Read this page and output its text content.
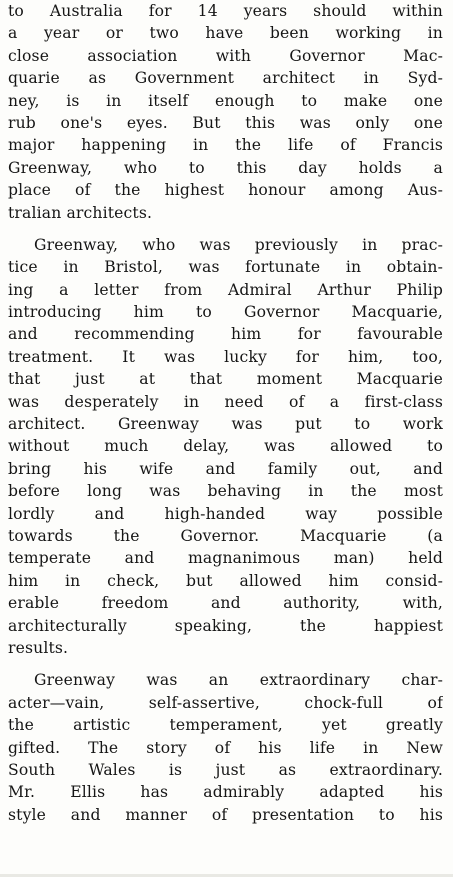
to Australia for 14 years should within
a year or two have been working in
close association with Governor Mac-
quarie as Government architect in Syd-
ney, is in itself enough to make one
rub one's eyes. But this was only one
major happening in the life of Francis
Greenway, who to this day holds a
place of the highest honour among Aus-
tralian architects.
Greenway, who was previously in prac-
tice in Bristol, was fortunate in obtain-
ing a letter from Admiral Arthur Philip
introducing him to Governor Macquarie,
and recommending him for favourable
treatment. It was lucky for him, too,
that just at that moment Macquarie
was desperately in need of a first-class
architect. Greenway was put to work
without much delay, was allowed to
bring his wife and family out, and
before long was behaving in the most
lordly and high-handed way possible
towards the Governor. Macquarie (a
temperate and magnanimous man) held
him in check, but allowed him consid-
erable freedom and authority, with,
architecturally speaking, the happiest
results.
Greenway was an extraordinary char-
acter—vain, self-assertive, chock-full of
the artistic temperament, yet greatly
gifted. The story of his life in New
South Wales is just as extraordinary.
Mr. Ellis has admirably adapted his
style and manner of presentation to his
